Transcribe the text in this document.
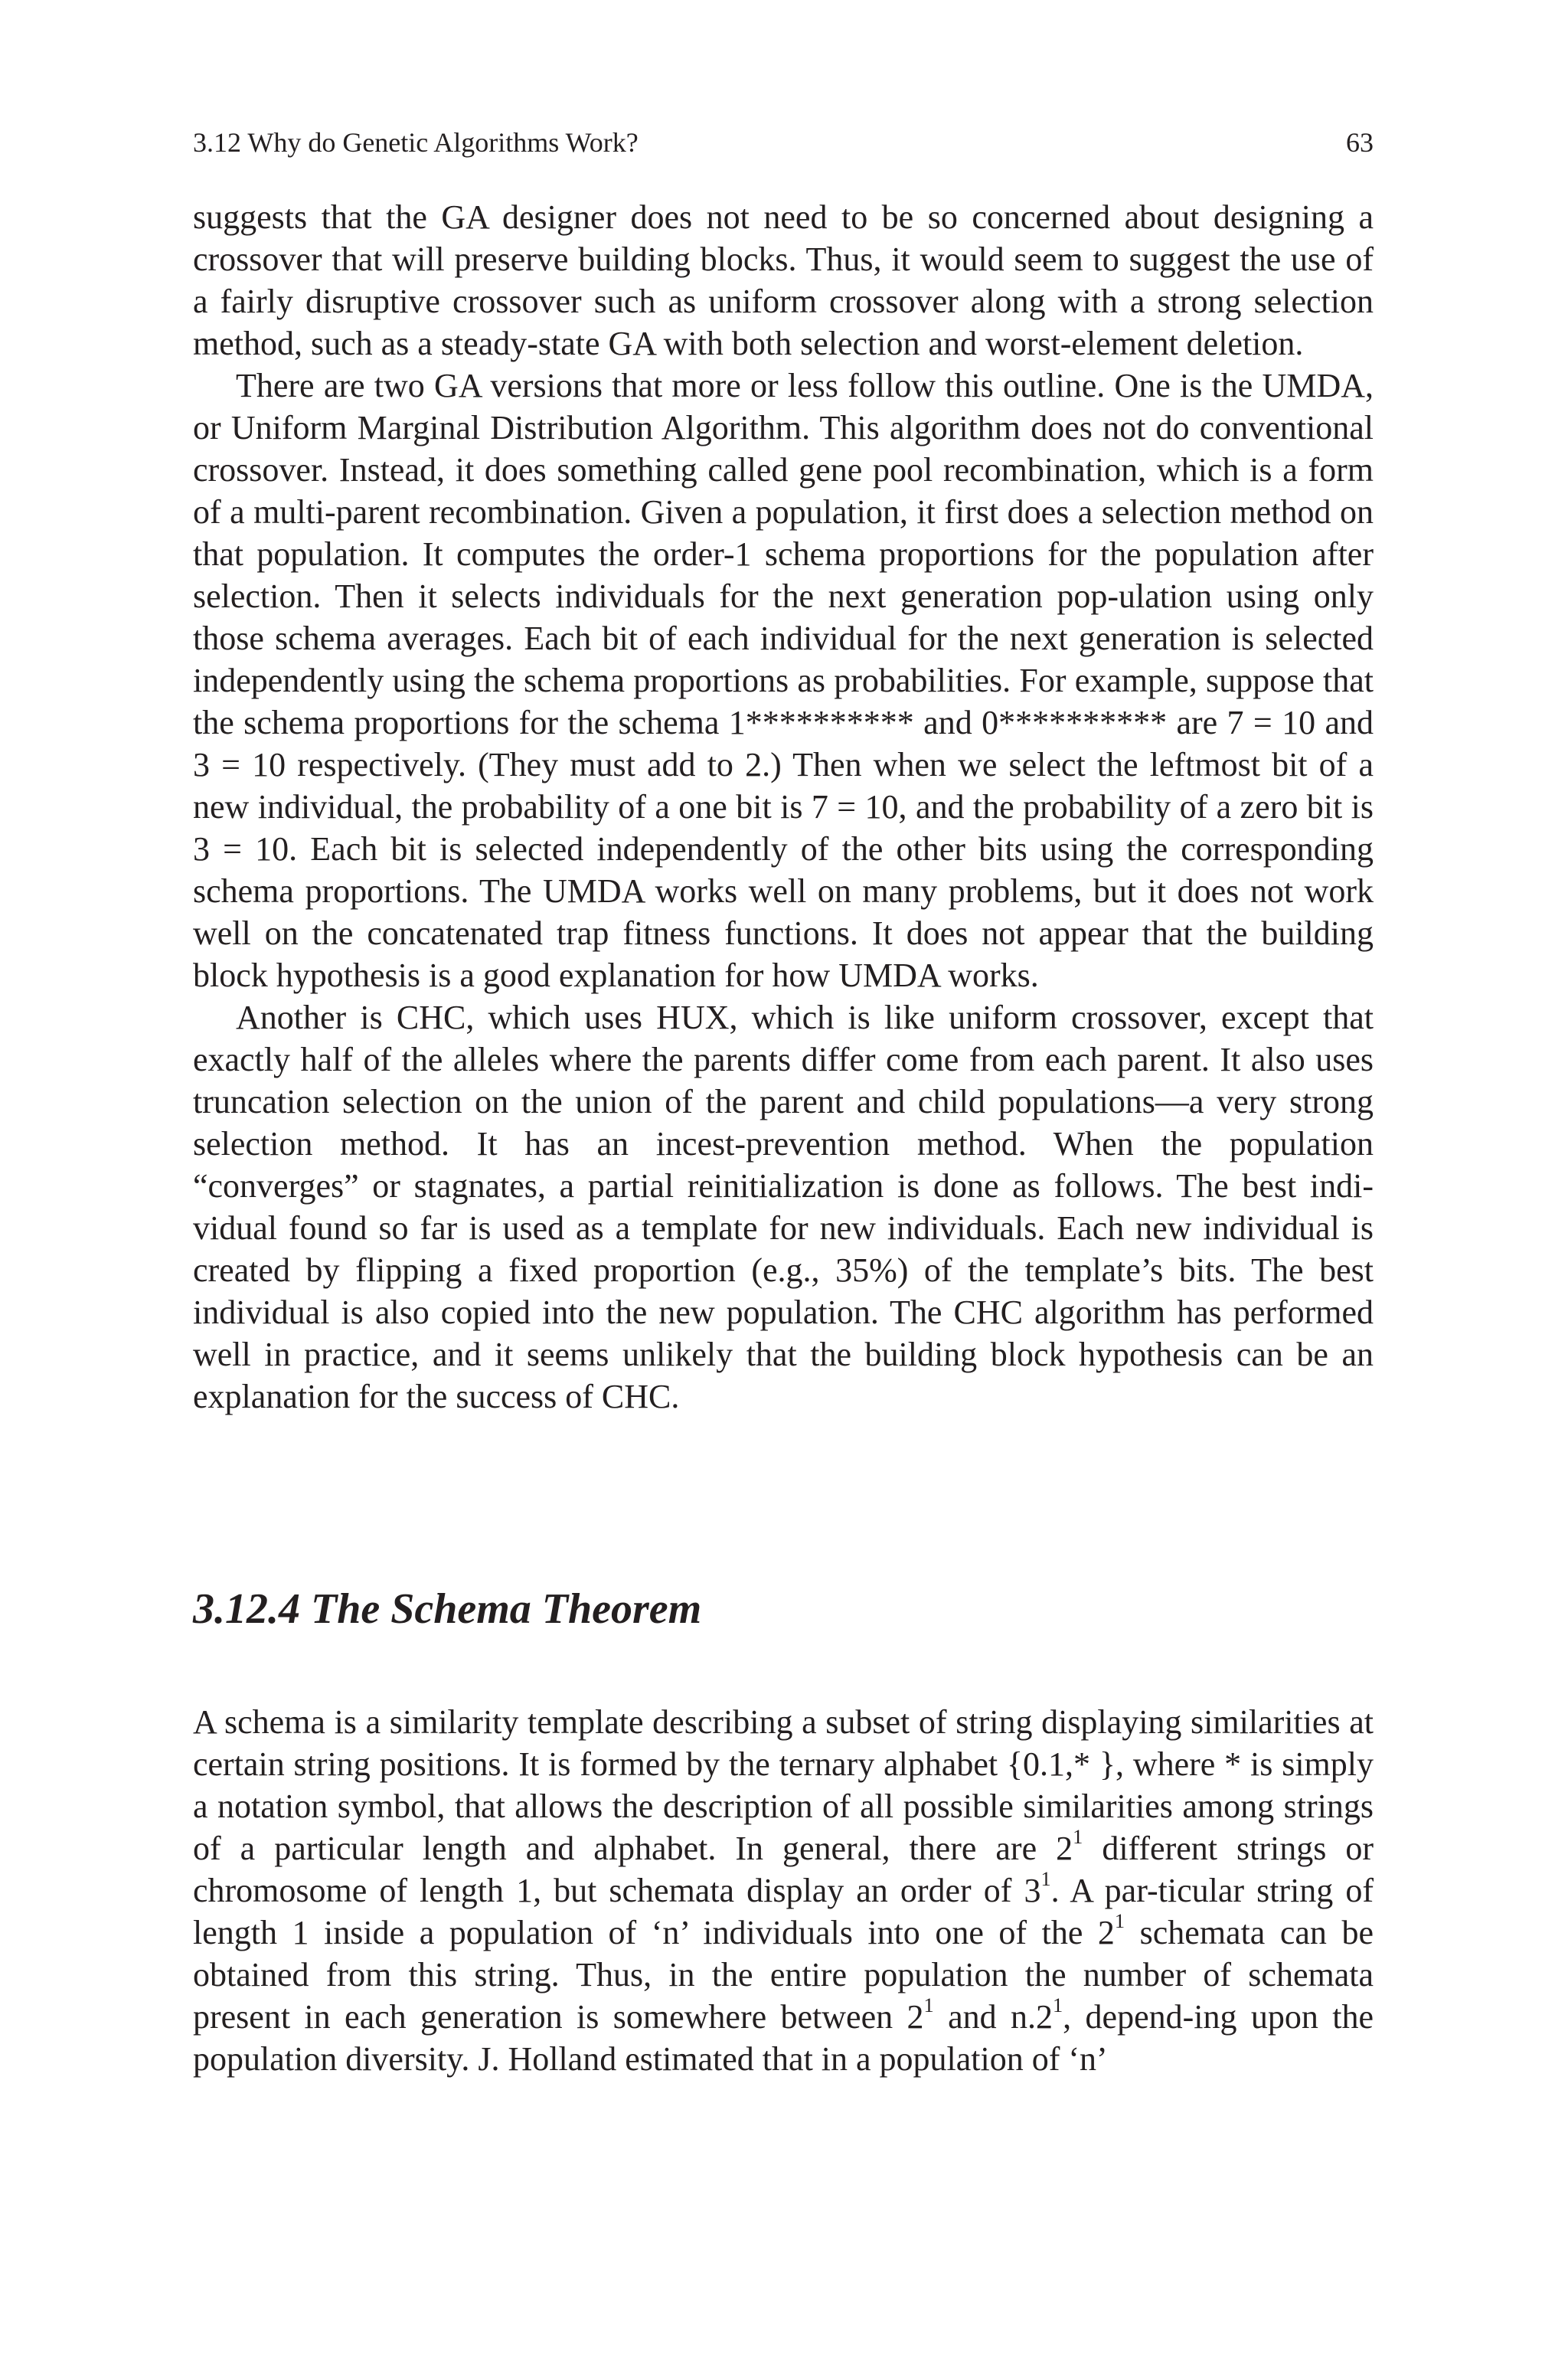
3.12 Why do Genetic Algorithms Work?	63

suggests that the GA designer does not need to be so concerned about designing a crossover that will preserve building blocks. Thus, it would seem to suggest the use of a fairly disruptive crossover such as uniform crossover along with a strong selection method, such as a steady-state GA with both selection and worst-element deletion.

There are two GA versions that more or less follow this outline. One is the UMDA, or Uniform Marginal Distribution Algorithm. This algorithm does not do conventional crossover. Instead, it does something called gene pool recombination, which is a form of a multi-parent recombination. Given a population, it first does a selection method on that population. It computes the order-1 schema proportions for the population after selection. Then it selects individuals for the next generation pop-ulation using only those schema averages. Each bit of each individual for the next generation is selected independently using the schema proportions as probabilities. For example, suppose that the schema proportions for the schema 1********** and 0********** are 7 = 10 and 3 = 10 respectively. (They must add to 2.) Then when we select the leftmost bit of a new individual, the probability of a one bit is 7 = 10, and the probability of a zero bit is 3 = 10. Each bit is selected independently of the other bits using the corresponding schema proportions. The UMDA works well on many problems, but it does not work well on the concatenated trap fitness functions. It does not appear that the building block hypothesis is a good explanation for how UMDA works.

Another is CHC, which uses HUX, which is like uniform crossover, except that exactly half of the alleles where the parents differ come from each parent. It also uses truncation selection on the union of the parent and child populations—a very strong selection method. It has an incest-prevention method. When the population “converges” or stagnates, a partial reinitialization is done as follows. The best indi-vidual found so far is used as a template for new individuals. Each new individual is created by flipping a fixed proportion (e.g., 35%) of the template’s bits. The best individual is also copied into the new population. The CHC algorithm has performed well in practice, and it seems unlikely that the building block hypothesis can be an explanation for the success of CHC.

3.12.4 The Schema Theorem

A schema is a similarity template describing a subset of string displaying similarities at certain string positions. It is formed by the ternary alphabet {0.1,* }, where * is simply a notation symbol, that allows the description of all possible similarities among strings of a particular length and alphabet. In general, there are $2^1$ different strings or chromosome of length 1, but schemata display an order of $3^1$. A par-ticular string of length 1 inside a population of ‘n’ individuals into one of the $2^1$ schemata can be obtained from this string. Thus, in the entire population the number of schemata present in each generation is somewhere between $2^1$ and $n.2^1$, depend-ing upon the population diversity. J. Holland estimated that in a population of ‘n’
